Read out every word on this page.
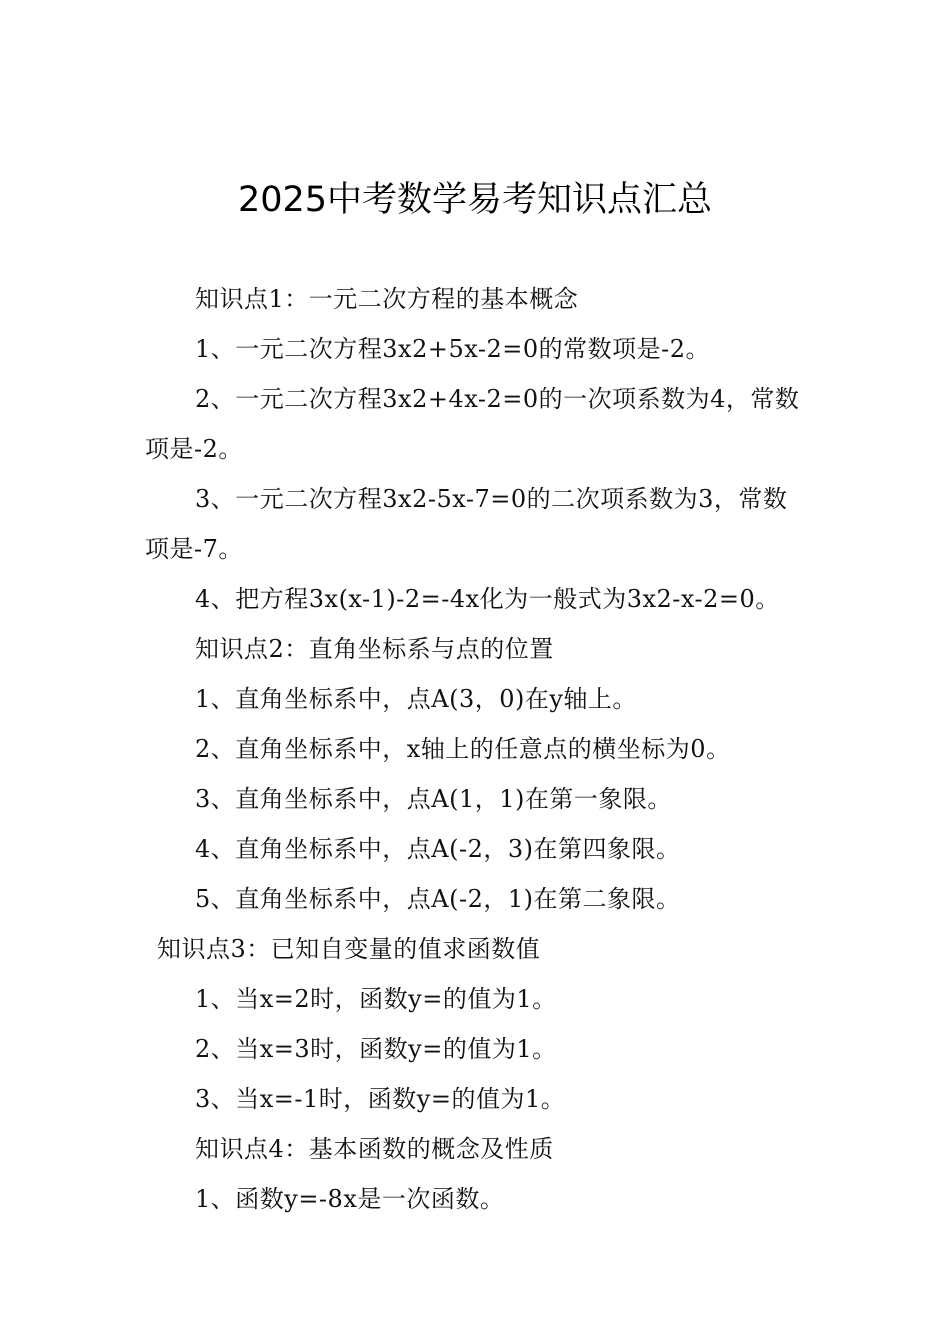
2025中考数学易考知识点汇总

知识点1：一元二次方程的基本概念

1、一元二次方程3x2+5x-2=0的常数项是-2。

2、一元二次方程3x2+4x-2=0的一次项系数为4，常数项是-2。

3、一元二次方程3x2-5x-7=0的二次项系数为3，常数项是-7。

4、把方程3x(x-1)-2=-4x化为一般式为3x2-x-2=0。

知识点2：直角坐标系与点的位置

1、直角坐标系中，点A(3，0)在y轴上。

2、直角坐标系中，x轴上的任意点的横坐标为0。

3、直角坐标系中，点A(1，1)在第一象限。

4、直角坐标系中，点A(-2，3)在第四象限。

5、直角坐标系中，点A(-2，1)在第二象限。

知识点3：已知自变量的值求函数值

1、当x=2时，函数y=的值为1。

2、当x=3时，函数y=的值为1。

3、当x=-1时，函数y=的值为1。

知识点4：基本函数的概念及性质

1、函数y=-8x是一次函数。
